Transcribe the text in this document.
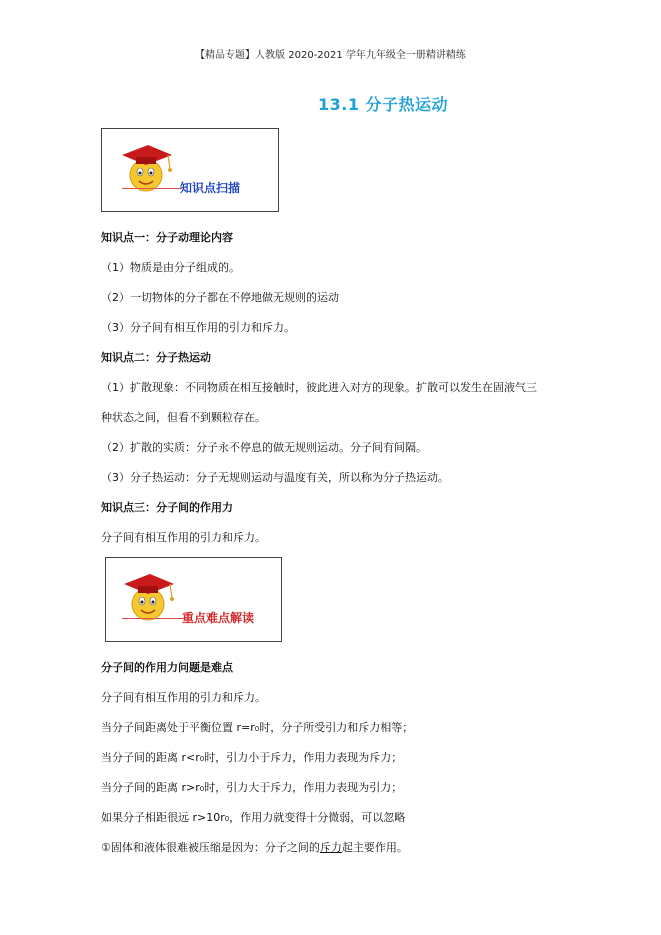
【精品专题】人教版 2020-2021 学年九年级全一册精讲精练
13.1 分子热运动
知识点扫描
知识点一：分子动理论内容
（1）物质是由分子组成的。
（2）一切物体的分子都在不停地做无规则的运动
（3）分子间有相互作用的引力和斥力。
知识点二：分子热运动
（1）扩散现象：不同物质在相互接触时，彼此进入对方的现象。扩散可以发生在固液气三
种状态之间，但看不到颗粒存在。
（2）扩散的实质：分子永不停息的做无规则运动。分子间有间隔。
（3）分子热运动：分子无规则运动与温度有关，所以称为分子热运动。
知识点三：分子间的作用力
分子间有相互作用的引力和斥力。
重点难点解读
分子间的作用力问题是难点
分子间有相互作用的引力和斥力。
当分子间距离处于平衡位置 r=r0时，分子所受引力和斥力相等；
当分子间的距离 r<r0时，引力小于斥力，作用力表现为斥力；
当分子间的距离 r>r0时，引力大于斥力，作用力表现为引力；
如果分子相距很远 r>10r0，作用力就变得十分微弱，可以忽略
①固体和液体很难被压缩是因为：分子之间的斥力起主要作用。
